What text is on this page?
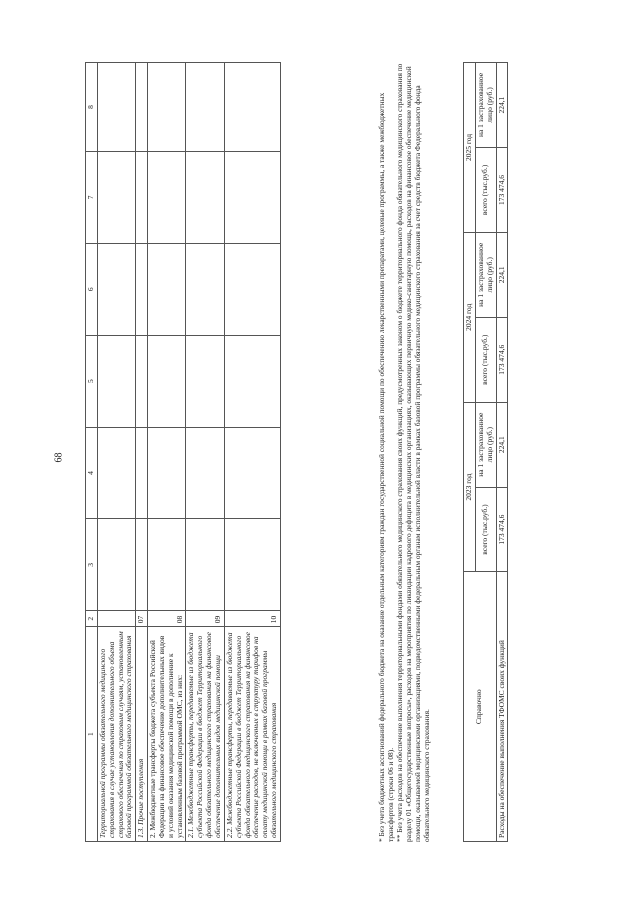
68
1	2	3	4	5	6	7	8
Территориальной программы обязательного медицинского страхования в случае установления дополнительного объема страхового обеспечения по страховым случаям, установленным базовой программой обязательного медицинского страхования							
1.3. Прочие поступления	07						
2. Межбюджетные трансферты бюджета субъекта Российской Федерации на финансовое обеспечение дополнительных видов и условий оказания медицинской помощи в дополнение к установленным базовой программой ОМС, из них:	08						
2.1. Межбюджетные трансферты, передаваемые из бюджета субъекта Российской Федерации в бюджет Территориального фонда обязательного медицинского страхования на финансовое обеспечение дополнительных видов медицинской помощи	09						
2.2. Межбюджетные трансферты, передаваемые из бюджета субъекта Российской Федерации в бюджет Территориального фонда обязательного медицинского страхования на финансовое обеспечение расходов, не включенных в структуру тарифов на оплату медицинской помощи в рамках базовой программы обязательного медицинского страхования	10							* Без учета бюджетных ассигнований федерального бюджета на оказание отдельным категориям граждан государственной социальной помощи по обеспечению лекарственными препаратами, целевые программы, а также межбюджетных трансфертов (строки 06 и 08). ** Без учета расходов на обеспечение выполнения территориальными фондами обязательного медицинского страхования своих функций, предусмотренных законом о бюджете территориального фонда обязательного медицинского страхования по разделу 01 «Общегосударственные вопросы», расходов на мероприятия по ликвидации кадрового дефицита в медицинских организациях, оказывающих первичную медико-санитарную помощь, расходов на финансовое обеспечение медицинской помощи, оказываемой медицинскими организациями, подведомственными федеральным органам исполнительной власти в рамках базовой программы обязательного медицинского страхования за счет средств бюджета Федерального фонда обязательного медицинского страхования.

Справочно	2023 год		2024 год		2025 год	
	всего (тыс.руб.)	на 1 застрахованное лицо (руб.)	всего (тыс.руб.)	на 1 застрахованное лицо (руб.)	всего (тыс.руб.)	на 1 застрахованное лицо (руб.)
Расходы на обеспечение выполнения ТФОМС своих функций	173 474,6	224,1	173 474,6	224,1	173 474,6	224,1
